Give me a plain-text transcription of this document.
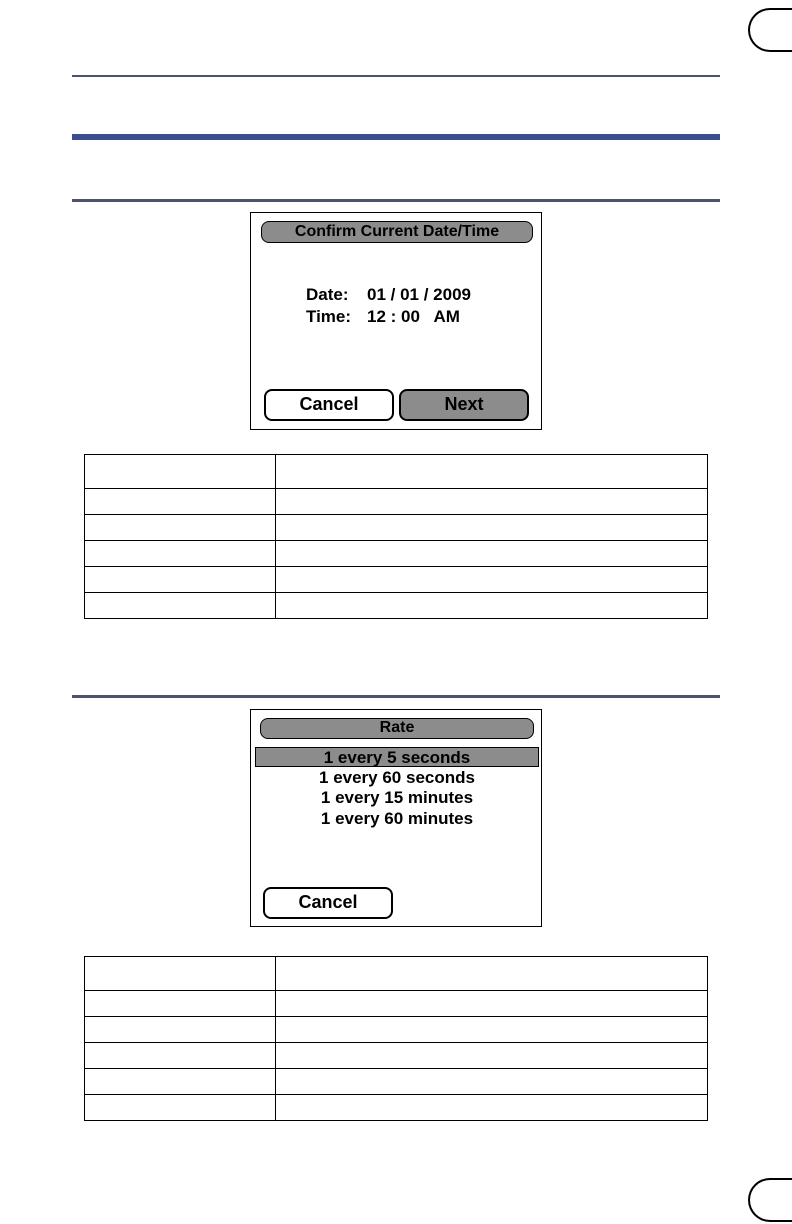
Confirm Current Date/Time
Date: 01 / 01 / 2009
Time: 12 : 00   AM
Cancel	Next

Rate
1 every 5 seconds
1 every 60 seconds
1 every 15 minutes
1 every 60 minutes
Cancel
